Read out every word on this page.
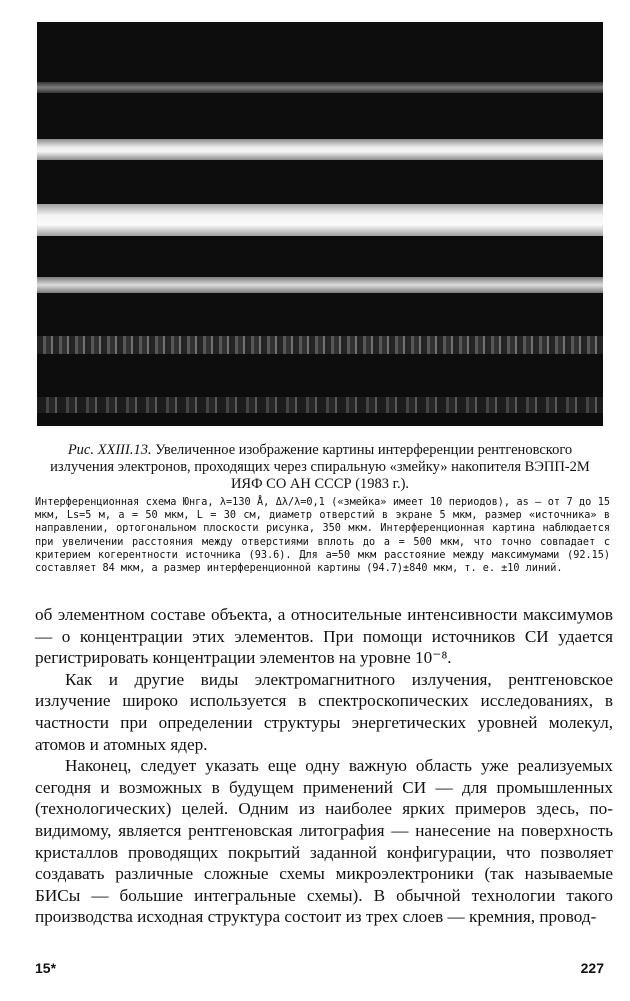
Рис. XXIII.13. Увеличенное изображение картины интерференции рентгеновского излучения электронов, проходящих через спиральную «змейку» накопителя ВЭПП-2М ИЯФ СО АН СССР (1983 г.).

Интерференционная схема Юнга, λ=130 Å, Δλ/λ=0,1 («змейка» имеет 10 периодов), as — от 7 до 15 мкм, Ls=5 м, a = 50 мкм, L = 30 см, диаметр отверстий в экране 5 мкм, размер «источника» в направлении, ортогональном плоскости рисунка, 350 мкм. Интерференционная картина наблюдается при увеличении расстояния между отверстиями вплоть до a = 500 мкм, что точно совпадает с критерием когерентности источника (93.6). Для a=50 мкм расстояние между максимумами (92.15) составляет 84 мкм, а размер интерференционной картины (94.7)±840 мкм, т. е. ±10 линий.

об элементном составе объекта, а относительные интенсивности максимумов — о концентрации этих элементов. При помощи источников СИ удается регистрировать концентрации элементов на уровне 10⁻⁸.

Как и другие виды электромагнитного излучения, рентгеновское излучение широко используется в спектроскопических исследованиях, в частности при определении структуры энергетических уровней молекул, атомов и атомных ядер.

Наконец, следует указать еще одну важную область уже реализуемых сегодня и возможных в будущем применений СИ — для промышленных (технологических) целей. Одним из наиболее ярких примеров здесь, по-видимому, является рентгеновская литография — нанесение на поверхность кристаллов проводящих покрытий заданной конфигурации, что позволяет создавать различные сложные схемы микроэлектроники (так называемые БИСы — большие интегральные схемы). В обычной технологии такого производства исходная структура состоит из трех слоев — кремния, провод-

15*	227
